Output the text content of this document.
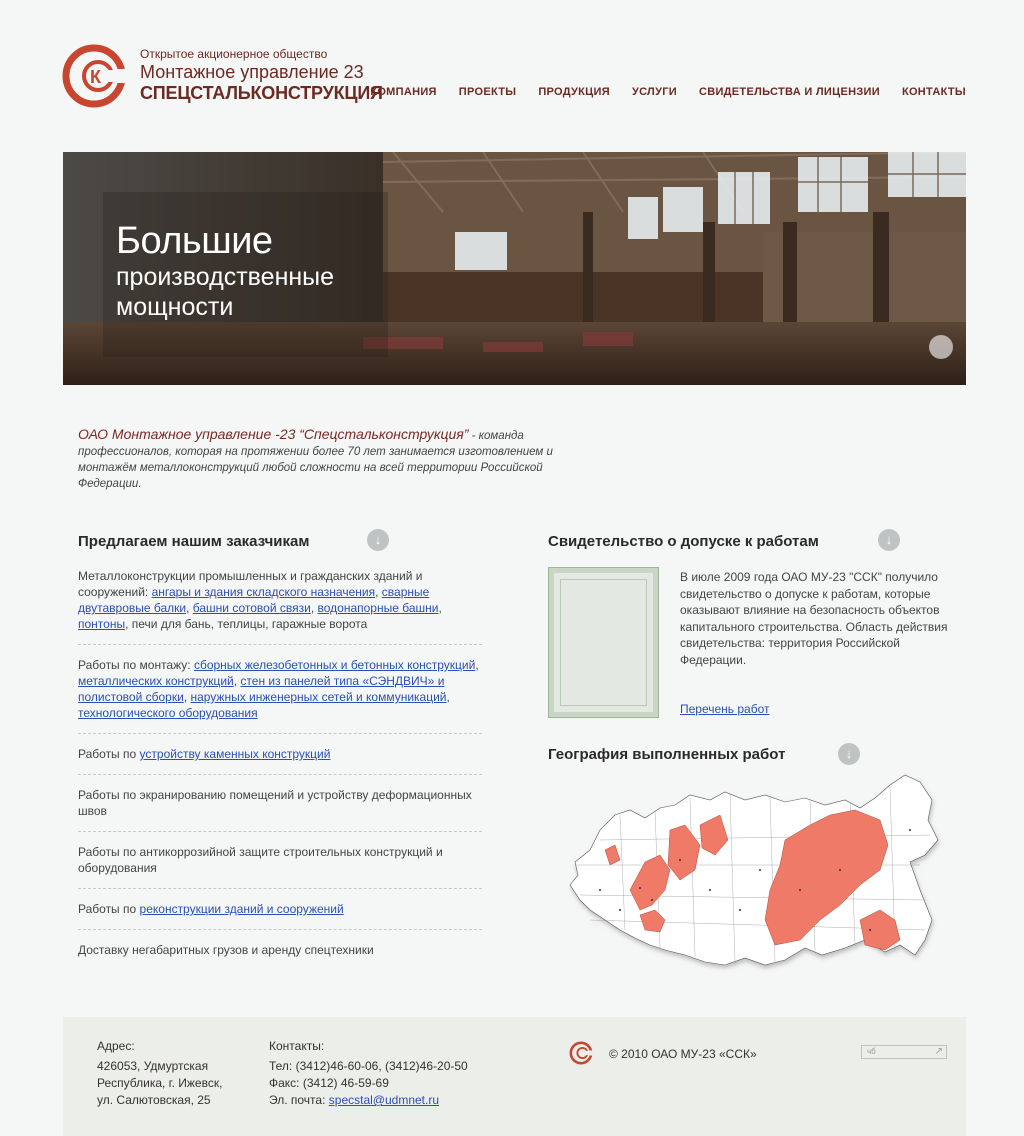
К
Открытое акционерное общество
Монтажное управление 23
СПЕЦСТАЛЬКОНСТРУКЦИЯ
КОМПАНИЯ ПРОЕКТЫ ПРОДУКЦИЯ УСЛУГИ СВИДЕТЕЛЬСТВА И ЛИЦЕНЗИИ КОНТАКТЫ
Большие
производственные
мощности

ОАО Монтажное управление -23 “Спецстальконструкция” - команда профессионалов, которая на протяжении более 70 лет занимается изготовлением и монтажём металлоконструкций любой сложности на всей территории Российской Федерации.

Предлагаем нашим заказчикам	↓
Металлоконструкции промышленных и гражданских зданий и сооружений: ангары и здания складского назначения, сварные двутавровые балки, башни сотовой связи, водонапорные башни, понтоны, печи для бань, теплицы, гаражные ворота
Работы по монтажу: сборных железобетонных и бетонных конструкций, металлических конструкций, стен из панелей типа «СЭНДВИЧ» и полистовой сборки, наружных инженерных сетей и коммуникаций, технологического оборудования
Работы по устройству каменных конструкций
Работы по экранированию помещений и устройству деформационных швов
Работы по антикоррозийной защите строительных конструкций и оборудования
Работы по реконструкции зданий и сооружений
Доставку негабаритных грузов и аренду спецтехники
Свидетельство о допуске к работам	↓
В июле 2009 года ОАО МУ-23 "ССК" получило свидетельство о допуске к работам, которые оказывают влияние на безопасность объектов капитального строительства. Область действия свидетельства: территория Российской Федерации.
Перечень работ
География выполненных работ	↓
Адрес:
426053, Удмуртская
Республика, г. Ижевск,
ул. Салютовская, 25
Контакты:
Тел: (3412)46-60-06, (3412)46-20-50
Факс: (3412) 46-59-69
Эл. почта: specstal@udmnet.ru
© 2010 ОАО МУ-23 «ССК»	чб	↗
